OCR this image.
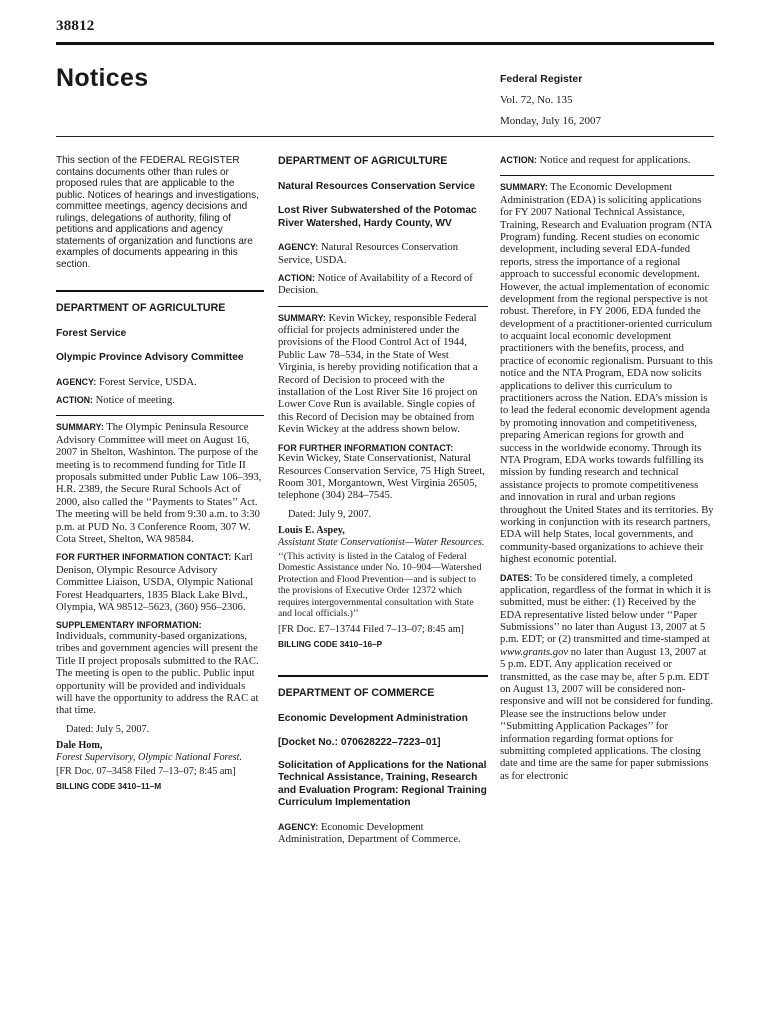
38812
Notices	Federal Register
Vol. 72, No. 135
Monday, July 16, 2007

This section of the FEDERAL REGISTER contains documents other than rules or proposed rules that are applicable to the public. Notices of hearings and investigations, committee meetings, agency decisions and rulings, delegations of authority, filing of petitions and applications and agency statements of organization and functions are examples of documents appearing in this section.

DEPARTMENT OF AGRICULTURE
Forest Service
Olympic Province Advisory Committee

AGENCY: Forest Service, USDA.

ACTION: Notice of meeting.

SUMMARY: The Olympic Peninsula Resource Advisory Committee will meet on August 16, 2007 in Shelton, Washinton. The purpose of the meeting is to recommend funding for Title II proposals submitted under Public Law 106–393, H.R. 2389, the Secure Rural Schools Act of 2000, also called the ‘‘Payments to States’’ Act. The meeting will be held from 9:30 a.m. to 3:30 p.m. at PUD No. 3 Conference Room, 307 W. Cota Street, Shelton, WA 98584.

FOR FURTHER INFORMATION CONTACT: Karl Denison, Olympic Resource Advisory Committee Liaison, USDA, Olympic National Forest Headquarters, 1835 Black Lake Blvd., Olympia, WA 98512–5623, (360) 956–2306.

SUPPLEMENTARY INFORMATION:

Individuals, community-based organizations, tribes and government agencies will present the Title II project proposals submitted to the RAC. The meeting is open to the public. Public input opportunity will be provided and individuals will have the opportunity to address the RAC at that time.

Dated: July 5, 2007.
Dale Hom,
Forest Supervisory, Olympic National Forest.
[FR Doc. 07–3458 Filed 7–13–07; 8:45 am]
BILLING CODE 3410–11–M
DEPARTMENT OF AGRICULTURE
Natural Resources Conservation Service
Lost River Subwatershed of the Potomac River Watershed, Hardy County, WV

AGENCY: Natural Resources Conservation Service, USDA.

ACTION: Notice of Availability of a Record of Decision.

SUMMARY: Kevin Wickey, responsible Federal official for projects administered under the provisions of the Flood Control Act of 1944, Public Law 78–534, in the State of West Virginia, is hereby providing notification that a Record of Decision to proceed with the installation of the Lost River Site 16 project on Lower Cove Run is available. Single copies of this Record of Decision may be obtained from Kevin Wickey at the address shown below.

FOR FURTHER INFORMATION CONTACT:

Kevin Wickey, State Conservationist, Natural Resources Conservation Service, 75 High Street, Room 301, Morgantown, West Virginia 26505, telephone (304) 284–7545.

Dated: July 9, 2007.
Louis E. Aspey,
Assistant State Conservationist—Water Resources.

‘‘(This activity is listed in the Catalog of Federal Domestic Assistance under No. 10–904—Watershed Protection and Flood Prevention—and is subject to the provisions of Executive Order 12372 which requires intergovernmental consultation with State and local officials.)’’

[FR Doc. E7–13744 Filed 7–13–07; 8:45 am]
BILLING CODE 3410–16–P
DEPARTMENT OF COMMERCE
Economic Development Administration
[Docket No.: 070628222–7223–01]
Solicitation of Applications for the National Technical Assistance, Training, Research and Evaluation Program: Regional Training Curriculum Implementation

AGENCY: Economic Development Administration, Department of Commerce.

ACTION: Notice and request for applications.

SUMMARY: The Economic Development Administration (EDA) is soliciting applications for FY 2007 National Technical Assistance, Training, Research and Evaluation program (NTA Program) funding. Recent studies on economic development, including several EDA-funded reports, stress the importance of a regional approach to successful economic development. However, the actual implementation of economic development from the regional perspective is not robust. Therefore, in FY 2006, EDA funded the development of a practitioner-oriented curriculum to acquaint local economic development practitioners with the benefits, process, and practice of economic regionalism. Pursuant to this notice and the NTA Program, EDA now solicits applications to deliver this curriculum to practitioners across the Nation. EDA’s mission is to lead the federal economic development agenda by promoting innovation and competitiveness, preparing American regions for growth and success in the worldwide economy. Through its NTA Program, EDA works towards fulfilling its mission by funding research and technical assistance projects to promote competitiveness and innovation in rural and urban regions throughout the United States and its territories. By working in conjunction with its research partners, EDA will help States, local governments, and community-based organizations to achieve their highest economic potential.

DATES: To be considered timely, a completed application, regardless of the format in which it is submitted, must be either: (1) Received by the EDA representative listed below under ‘‘Paper Submissions’’ no later than August 13, 2007 at 5 p.m. EDT; or (2) transmitted and time-stamped at www.grants.gov no later than August 13, 2007 at 5 p.m. EDT. Any application received or transmitted, as the case may be, after 5 p.m. EDT on August 13, 2007 will be considered non-responsive and will not be considered for funding. Please see the instructions below under ‘‘Submitting Application Packages’’ for information regarding format options for submitting completed applications. The closing date and time are the same for paper submissions as for electronic
